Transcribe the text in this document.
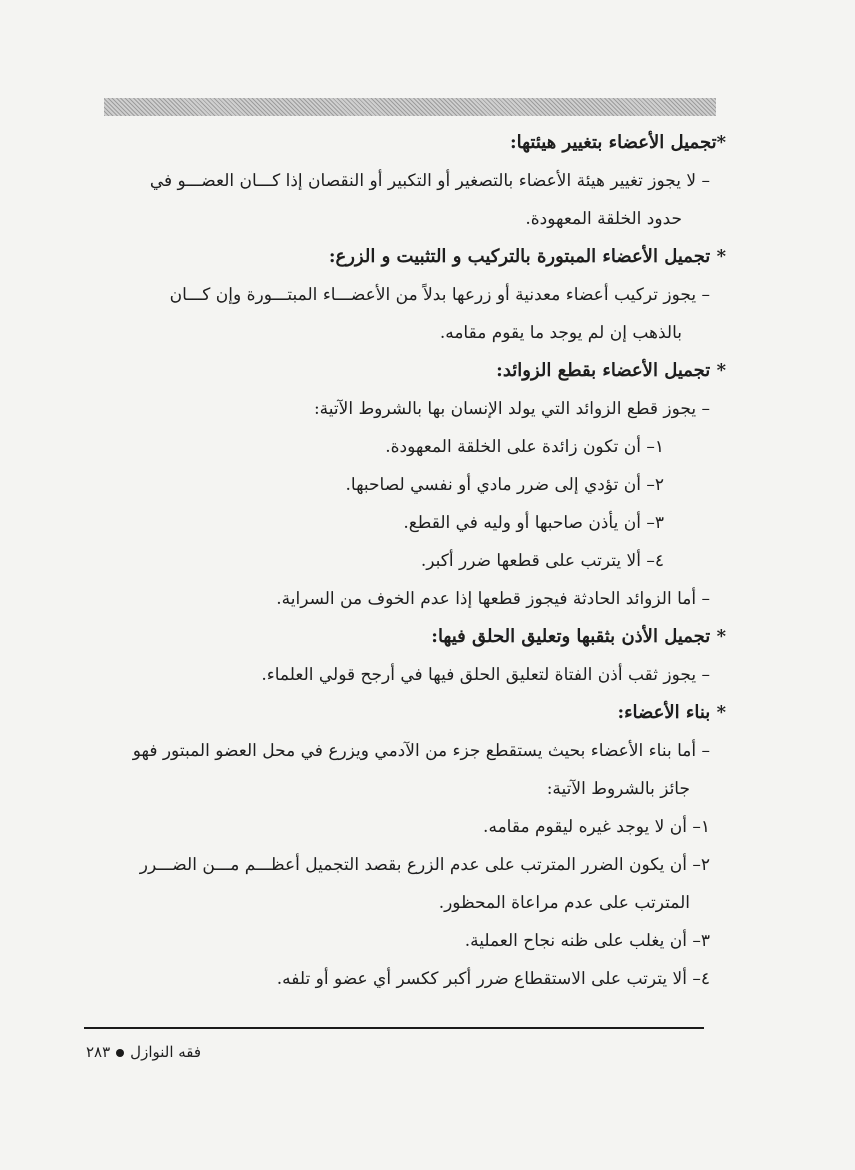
*تجميل الأعضاء بتغيير هيئتها:
– لا يجوز تغيير هيئة الأعضاء بالتصغير أو التكبير أو النقصان إذا كـــان العضـــو في
حدود الخلقة المعهودة.
* تجميل الأعضاء المبتورة بالتركيب و التثبيت و الزرع:
– يجوز تركيب أعضاء معدنية أو زرعها بدلاً من الأعضـــاء المبتـــورة وإن كـــان
بالذهب إن لم يوجد ما يقوم مقامه.
* تجميل الأعضاء بقطع الزوائد:
– يجوز قطع الزوائد التي يولد الإنسان بها بالشروط الآتية:
١– أن تكون زائدة على الخلقة المعهودة.
٢– أن تؤدي إلى ضرر مادي أو نفسي لصاحبها.
٣– أن يأذن صاحبها أو وليه في القطع.
٤– ألا يترتب على قطعها ضرر أكبر.
– أما الزوائد الحادثة فيجوز قطعها إذا عدم الخوف من السراية.
* تجميل الأذن بثقبها وتعليق الحلق فيها:
– يجوز ثقب أذن الفتاة لتعليق الحلق فيها في أرجح قولي العلماء.
* بناء الأعضاء:
– أما بناء الأعضاء بحيث يستقطع جزء من الآدمي ويزرع في محل العضو المبتور فهو
جائز بالشروط الآتية:
١– أن لا يوجد غيره ليقوم مقامه.
٢– أن يكون الضرر المترتب على عدم الزرع بقصد التجميل أعظـــم مـــن الضـــرر
المترتب على عدم مراعاة المحظور.
٣– أن يغلب على ظنه نجاح العملية.
٤– ألا يترتب على الاستقطاع ضرر أكبر ككسر أي عضو أو تلفه.
فقه النوازل٢٨٣
